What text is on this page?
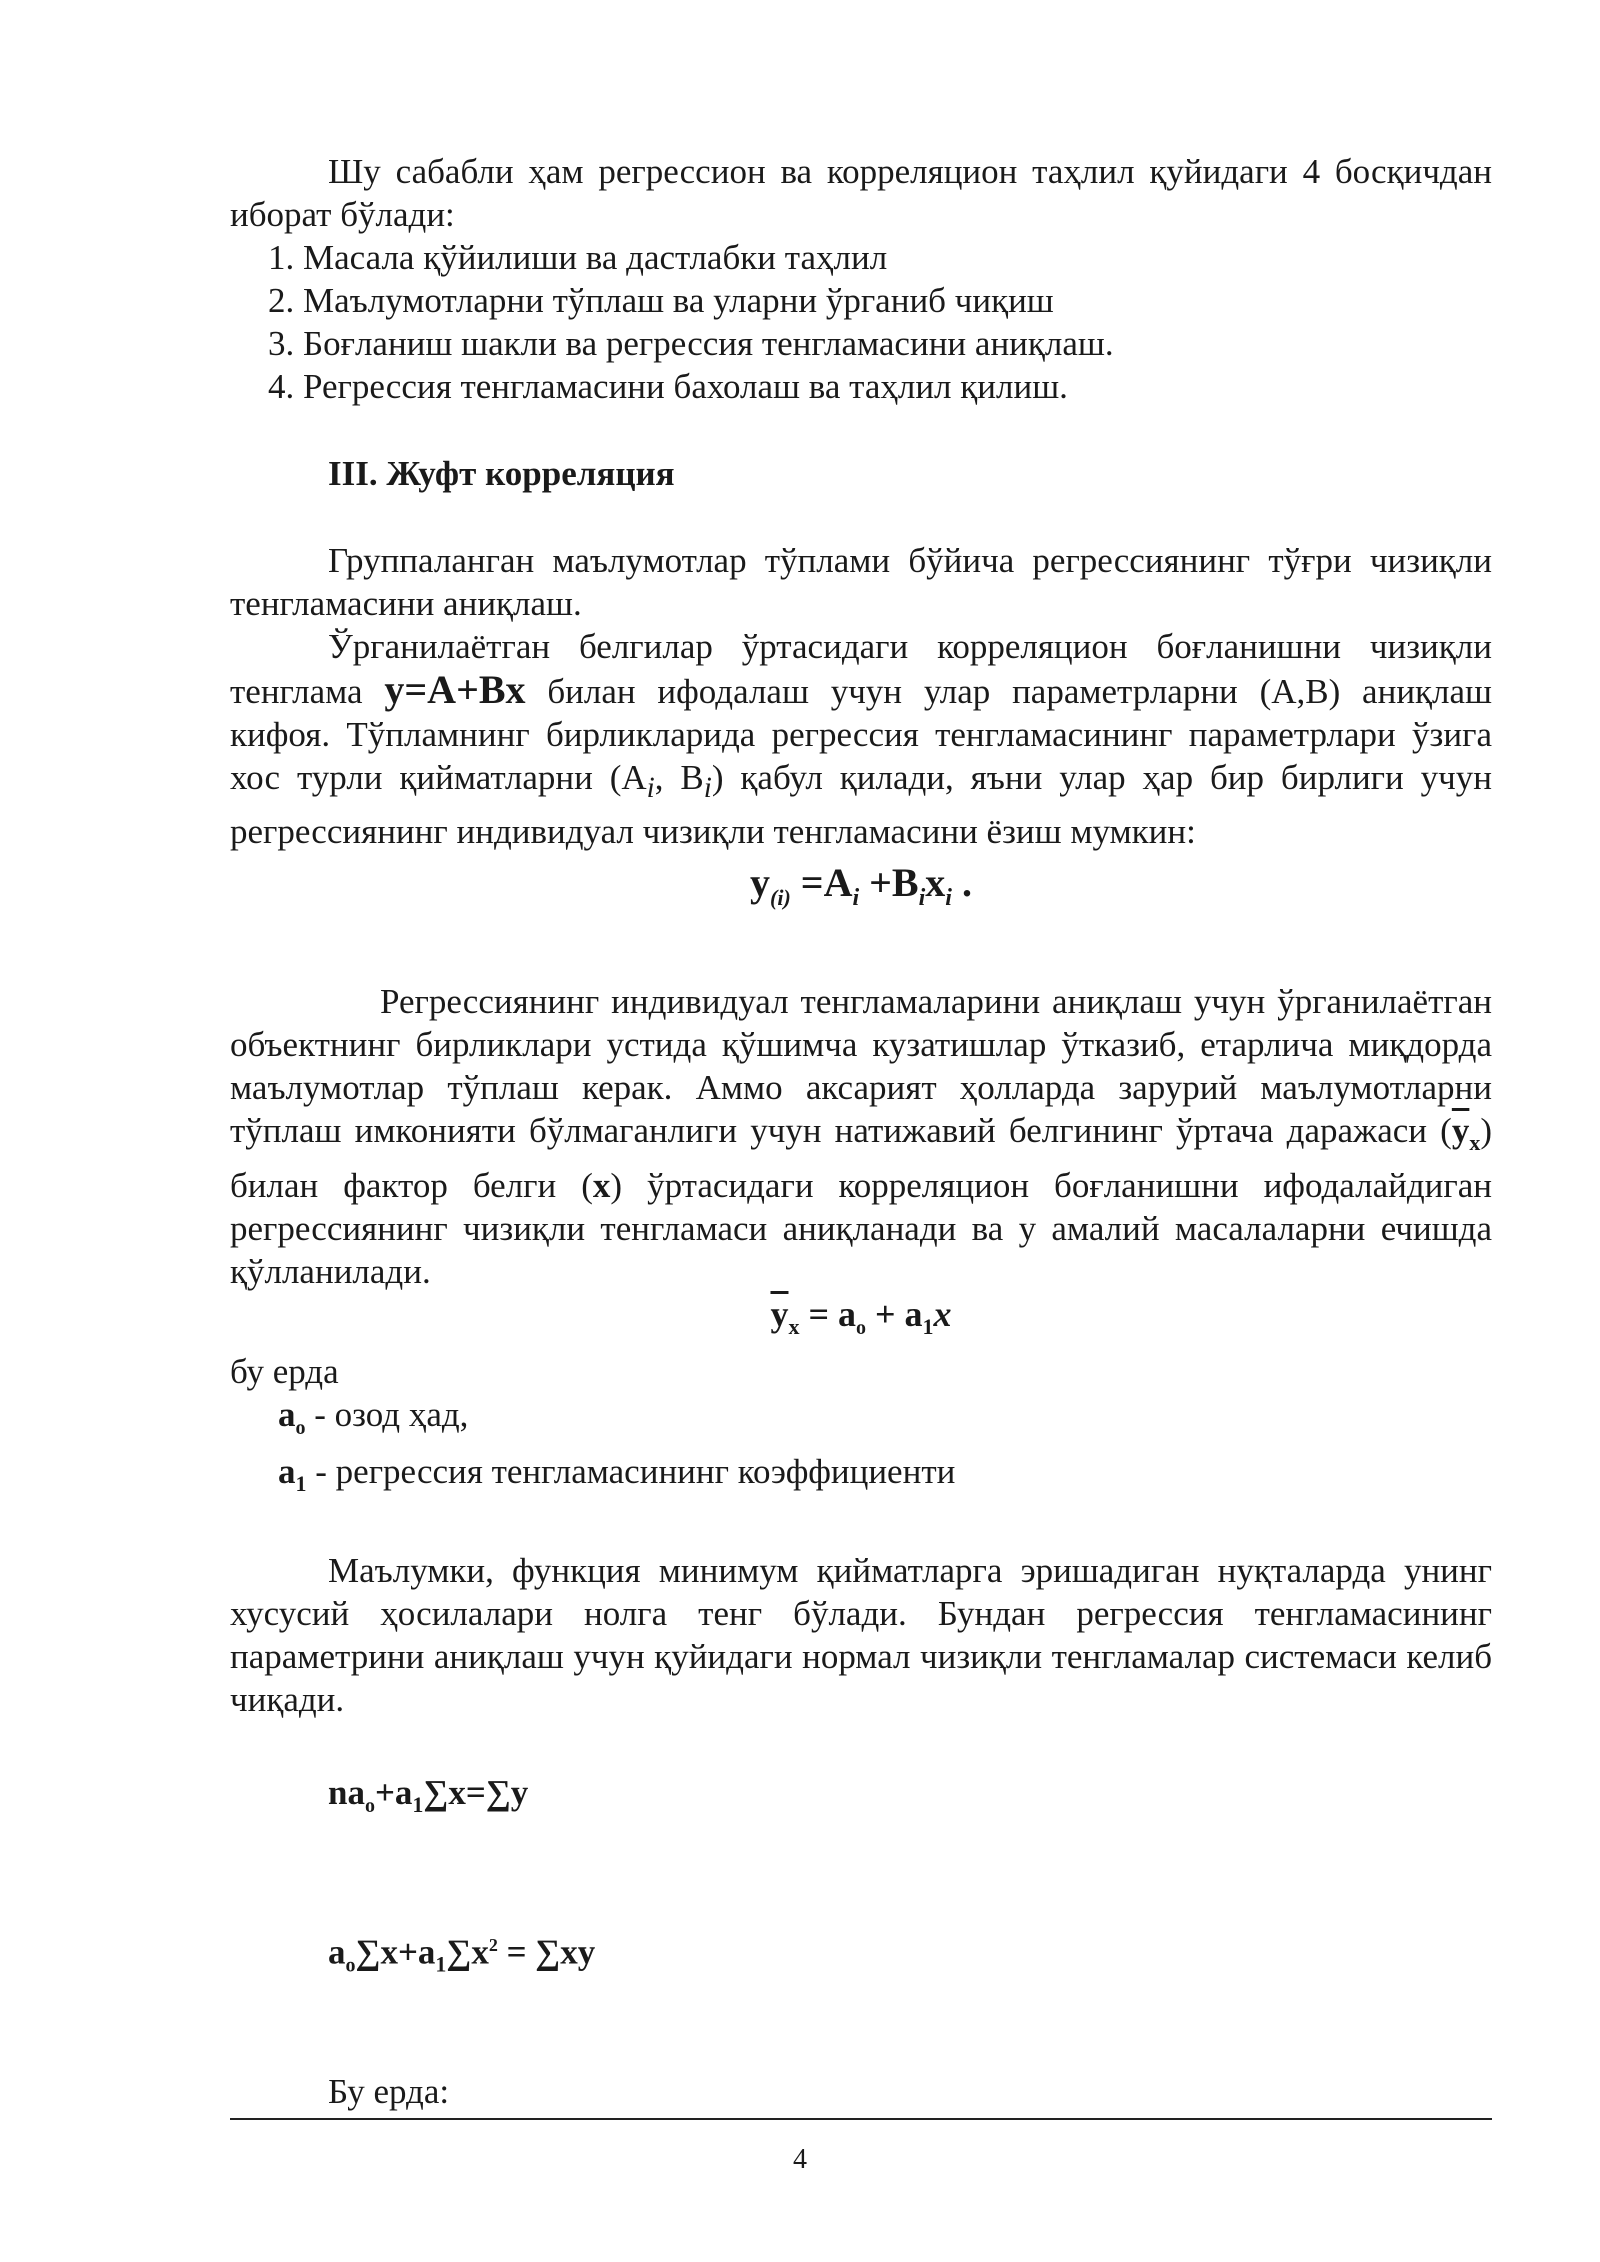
Шу сабабли ҳам регрессион ва корреляцион таҳлил қуйидаги 4 босқичдан иборат бўлади:

1. Масала қўйилиши ва дастлабки таҳлил

2. Маълумотларни тўплаш ва уларни ўрганиб чиқиш

3. Боғланиш шакли ва регрессия тенгламасини аниқлаш.

4. Регрессия тенгламасини бахолаш ва таҳлил қилиш.

III. Жуфт корреляция

Группаланган маълумотлар тўплами бўйича регрессиянинг тўғри чизиқли тенгламасини аниқлаш.

Ўрганилаётган белгилар ўртасидаги корреляцион боғланишни чизиқли тенглама y=A+Bx билан ифодалаш учун улар параметрларни (А,В) аниқлаш кифоя. Тўпламнинг бирликларида регрессия тенгламасининг параметрлари ўзига хос турли қийматларни ($А_i$, $В_i$) қабул қилади, яъни улар ҳар бир бирлиги учун регрессиянинг индивидуал чизиқли тенгламасини ёзиш мумкин:

$y_{(i)} =A_i +B_ix_i$ .

Регрессиянинг индивидуал тенгламаларини аниқлаш учун ўрганилаётган объектнинг бирликлари устида қўшимча кузатишлар ўтказиб, етарлича миқдорда маълумотлар тўплаш керак. Аммо аксарият ҳолларда зарурий маълумотларни тўплаш имконияти бўлмаганлиги учун натижавий белгининг ўртача даражаси $(\overline{y}_x)$ билан фактор белги (x) ўртасидаги корреляцион боғланишни ифодалайдиган регрессиянинг чизиқли тенгламаси аниқланади ва у амалий масалаларни ечишда қўлланилади.

$\overline{y}_x = a_o + a_1x$

бу ерда

$a_o$ - озод ҳад,

$a_1$ - регрессия тенгламасининг коэффициенти

Маълумки, функция минимум қийматларга эришадиган нуқталарда унинг хусусий ҳосилалари нолга тенг бўлади. Бундан регрессия тенгламасининг параметрини аниқлаш учун қуйидаги нормал чизиқли тенгламалар системаси келиб чиқади.

$na_o+a_1\sum x=\sum y$

$a_o\sum x+a_1\sum x^2 = \sum xy$

Бу ерда:

4
